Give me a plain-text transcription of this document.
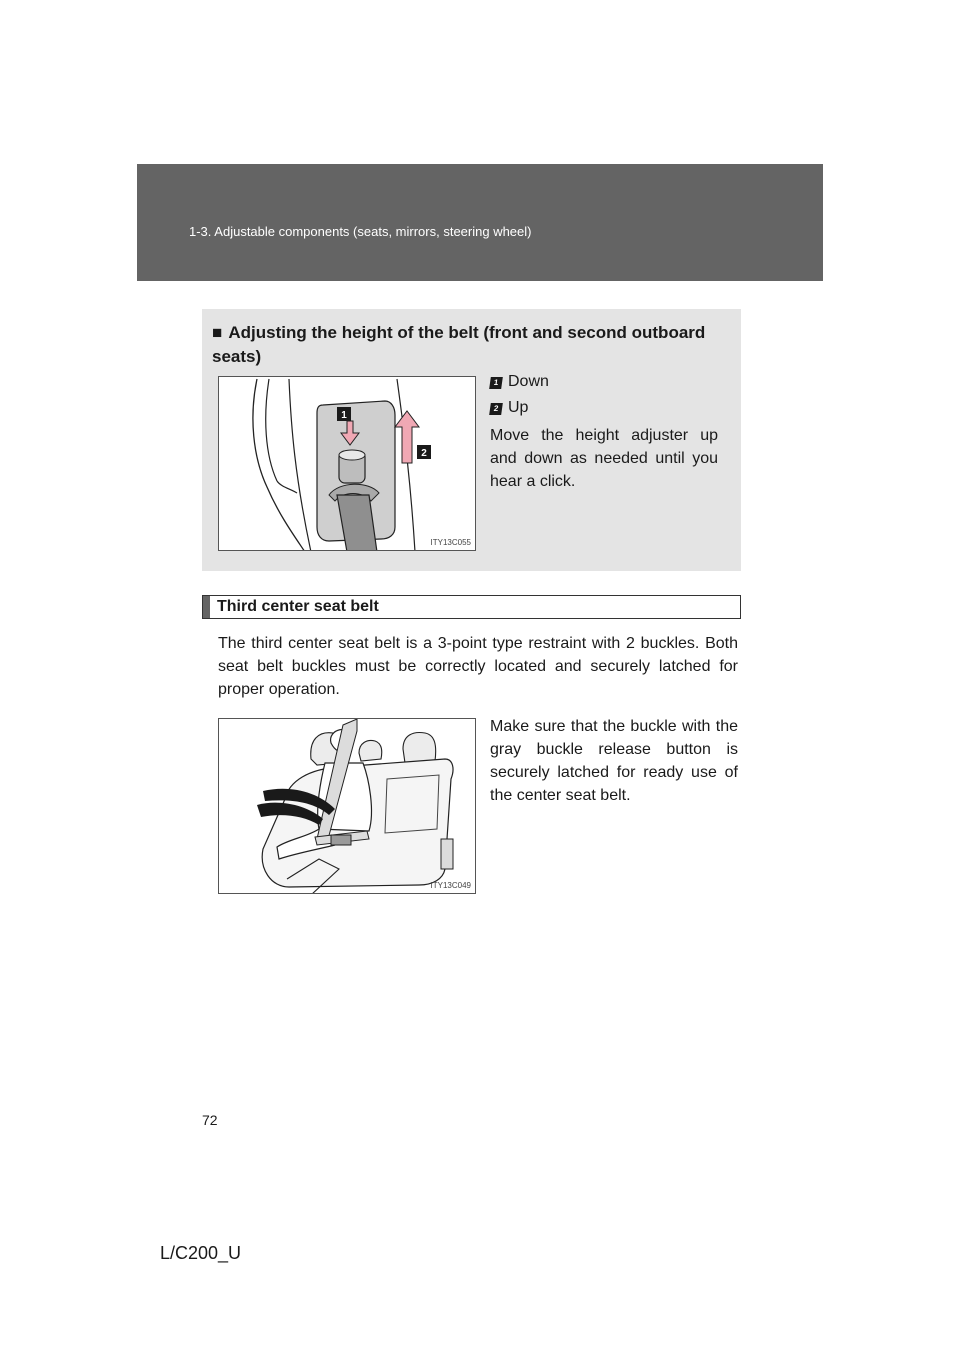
1-3. Adjustable components (seats, mirrors, steering wheel)
■ Adjusting the height of the belt (front and second outboard seats)
1
2
ITY13C055
1 Down
2 Up
Move the height adjuster up and down as needed until you hear a click.
Third center seat belt
The third center seat belt is a 3-point type restraint with 2 buckles. Both seat belt buckles must be correctly located and securely latched for proper operation.
ITY13C049
Make sure that the buckle with the gray buckle release button is securely latched for ready use of the center seat belt.
72
L/C200_U
